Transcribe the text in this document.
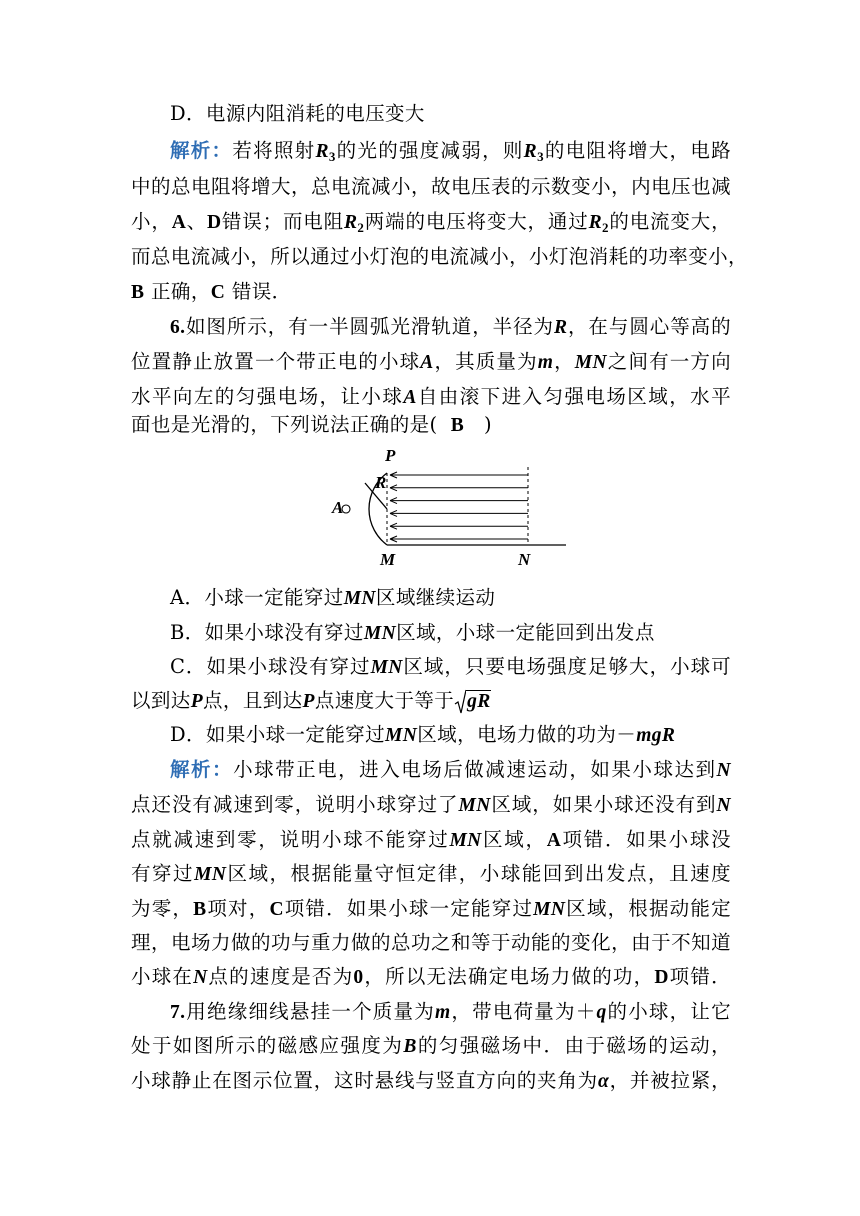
D．电源内阻消耗的电压变大
解析：若将照射$R_3$的光的强度减弱，则$R_3$的电阻将增大，电路
中的总电阻将增大，总电流减小，故电压表的示数变小，内电压也减
小，A、D错误；而电阻$R_2$两端的电压将变大，通过$R_2$的电流变大，
而总电流减小，所以通过小灯泡的电流减小，小灯泡消耗的功率变小，
B 正确，C 错误．
6.如图所示，有一半圆弧光滑轨道，半径为R，在与圆心等高的
位置静止放置一个带正电的小球A，其质量为m，MN之间有一方向
水平向左的匀强电场，让小球A自由滚下进入匀强电场区域，水平
面也是光滑的，下列说法正确的是( B )
P
R
A
M	N
A．小球一定能穿过MN区域继续运动
B．如果小球没有穿过MN区域，小球一定能回到出发点
C．如果小球没有穿过MN区域，只要电场强度足够大，小球可
以到达P点，且到达P点速度大于等于 gR
D．如果小球一定能穿过MN区域，电场力做的功为－mgR
解析：小球带正电，进入电场后做减速运动，如果小球达到N
点还没有减速到零，说明小球穿过了MN区域，如果小球还没有到N
点就减速到零，说明小球不能穿过MN区域，A项错．如果小球没
有穿过MN区域，根据能量守恒定律，小球能回到出发点，且速度
为零，B项对，C项错．如果小球一定能穿过MN区域，根据动能定
理，电场力做的功与重力做的总功之和等于动能的变化，由于不知道
小球在N点的速度是否为0，所以无法确定电场力做的功，D项错．
7.用绝缘细线悬挂一个质量为m，带电荷量为＋q的小球，让它
处于如图所示的磁感应强度为B的匀强磁场中．由于磁场的运动，
小球静止在图示位置，这时悬线与竖直方向的夹角为α，并被拉紧，
